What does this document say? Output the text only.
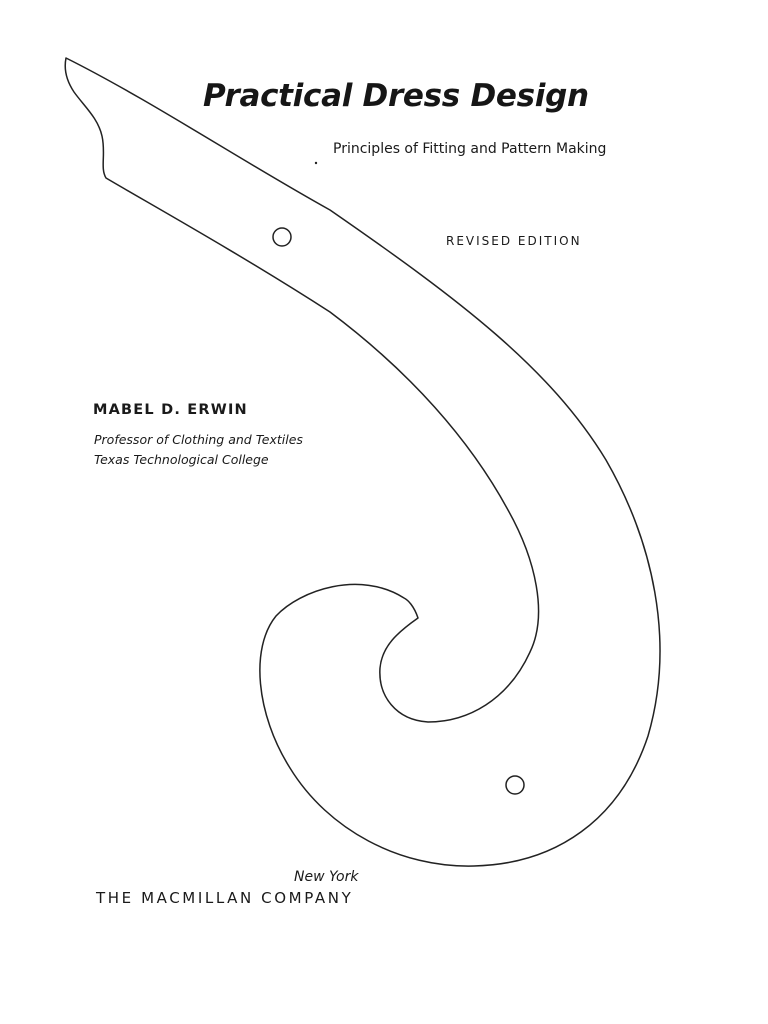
Practical Dress Design
Principles of Fitting and Pattern Making
REVISED EDITION
MABEL D. ERWIN
Professor of Clothing and Textiles
Texas Technological College
New York
THE MACMILLAN COMPANY
